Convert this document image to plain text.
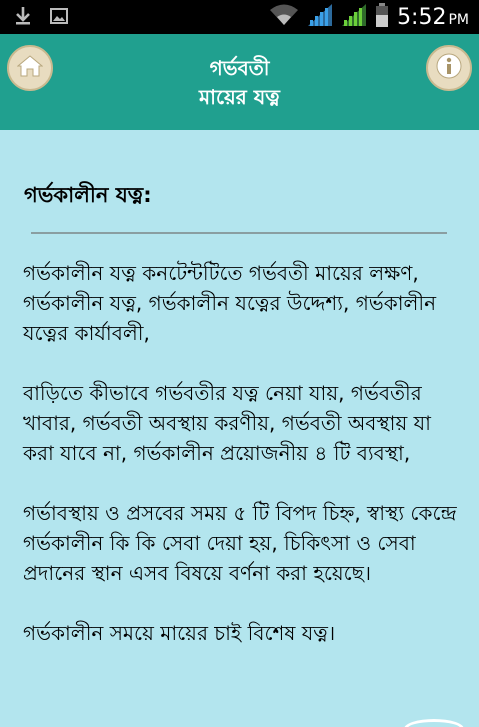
5:52 PM
গর্ভবতী
মায়ের যত্ন
গর্ভকালীন যত্ন:

গর্ভকালীন যত্ন কনটেন্টটিতে গর্ভবতী মায়ের লক্ষণ, গর্ভকালীন যত্ন, গর্ভকালীন যত্নের উদ্দেশ্য, গর্ভকালীন যত্নের কার্যাবলী,

বাড়িতে কীভাবে গর্ভবতীর যত্ন নেয়া যায়, গর্ভবতীর খাবার, গর্ভবতী অবস্থায় করণীয়, গর্ভবতী অবস্থায় যা করা যাবে না, গর্ভকালীন প্রয়োজনীয় ৪ টি ব্যবস্থা,

গর্ভাবস্থায় ও প্রসবের সময় ৫ টি বিপদ চিহ্ন, স্বাস্থ্য কেন্দ্রে গর্ভকালীন কি কি সেবা দেয়া হয়, চিকিৎসা ও সেবা প্রদানের স্থান এসব বিষয়ে বর্ণনা করা হয়েছে।

গর্ভকালীন সময়ে মায়ের চাই বিশেষ যত্ন।
